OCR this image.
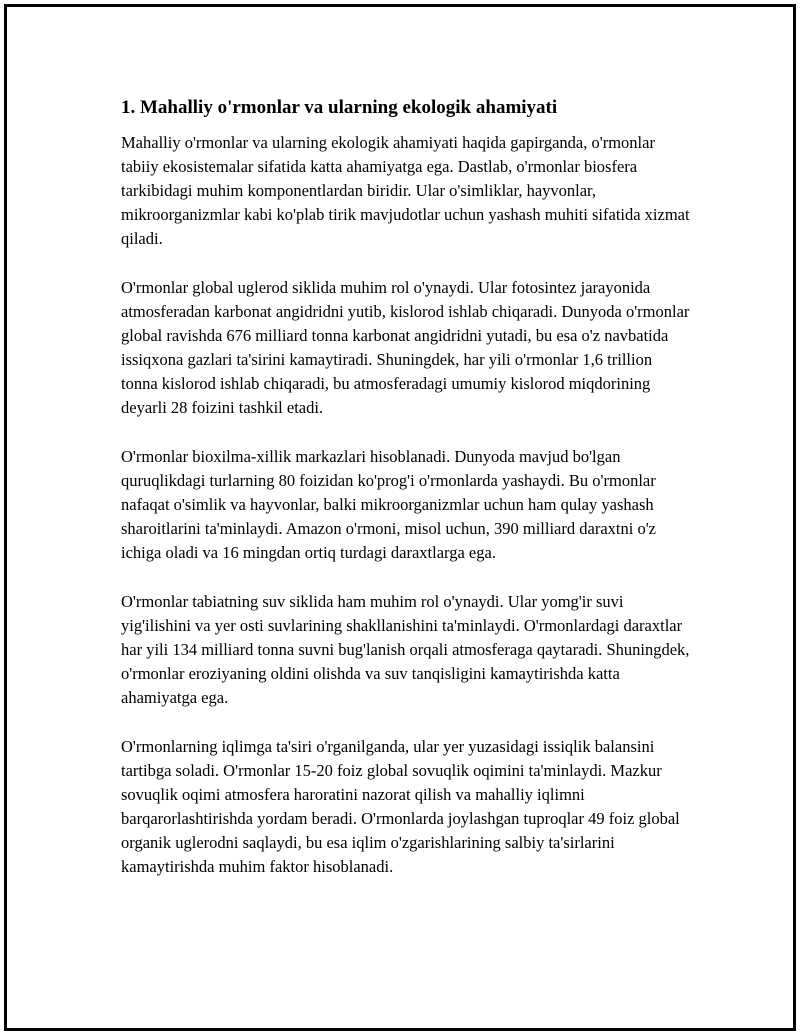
1. Mahalliy o'rmonlar va ularning ekologik ahamiyati

Mahalliy o'rmonlar va ularning ekologik ahamiyati haqida gapirganda, o'rmonlar tabiiy ekosistemalar sifatida katta ahamiyatga ega. Dastlab, o'rmonlar biosfera tarkibidagi muhim komponentlardan biridir. Ular o'simliklar, hayvonlar, mikroorganizmlar kabi ko'plab tirik mavjudotlar uchun yashash muhiti sifatida xizmat qiladi.

O'rmonlar global uglerod siklida muhim rol o'ynaydi. Ular fotosintez jarayonida atmosferadan karbonat angidridni yutib, kislorod ishlab chiqaradi. Dunyoda o'rmonlar global ravishda 676 milliard tonna karbonat angidridni yutadi, bu esa o'z navbatida issiqxona gazlari ta'sirini kamaytiradi. Shuningdek, har yili o'rmonlar 1,6 trillion tonna kislorod ishlab chiqaradi, bu atmosferadagi umumiy kislorod miqdorining deyarli 28 foizini tashkil etadi.

O'rmonlar bioxilma-xillik markazlari hisoblanadi. Dunyoda mavjud bo'lgan quruqlikdagi turlarning 80 foizidan ko'prog'i o'rmonlarda yashaydi. Bu o'rmonlar nafaqat o'simlik va hayvonlar, balki mikroorganizmlar uchun ham qulay yashash sharoitlarini ta'minlaydi. Amazon o'rmoni, misol uchun, 390 milliard daraxtni o'z ichiga oladi va 16 mingdan ortiq turdagi daraxtlarga ega.

O'rmonlar tabiatning suv siklida ham muhim rol o'ynaydi. Ular yomg'ir suvi yig'ilishini va yer osti suvlarining shakllanishini ta'minlaydi. O'rmonlardagi daraxtlar har yili 134 milliard tonna suvni bug'lanish orqali atmosferaga qaytaradi. Shuningdek, o'rmonlar eroziyaning oldini olishda va suv tanqisligini kamaytirishda katta ahamiyatga ega.

O'rmonlarning iqlimga ta'siri o'rganilganda, ular yer yuzasidagi issiqlik balansini tartibga soladi. O'rmonlar 15-20 foiz global sovuqlik oqimini ta'minlaydi. Mazkur sovuqlik oqimi atmosfera haroratini nazorat qilish va mahalliy iqlimni barqarorlashtirishda yordam beradi. O'rmonlarda joylashgan tuproqlar 49 foiz global organik uglerodni saqlaydi, bu esa iqlim o'zgarishlarining salbiy ta'sirlarini kamaytirishda muhim faktor hisoblanadi.
